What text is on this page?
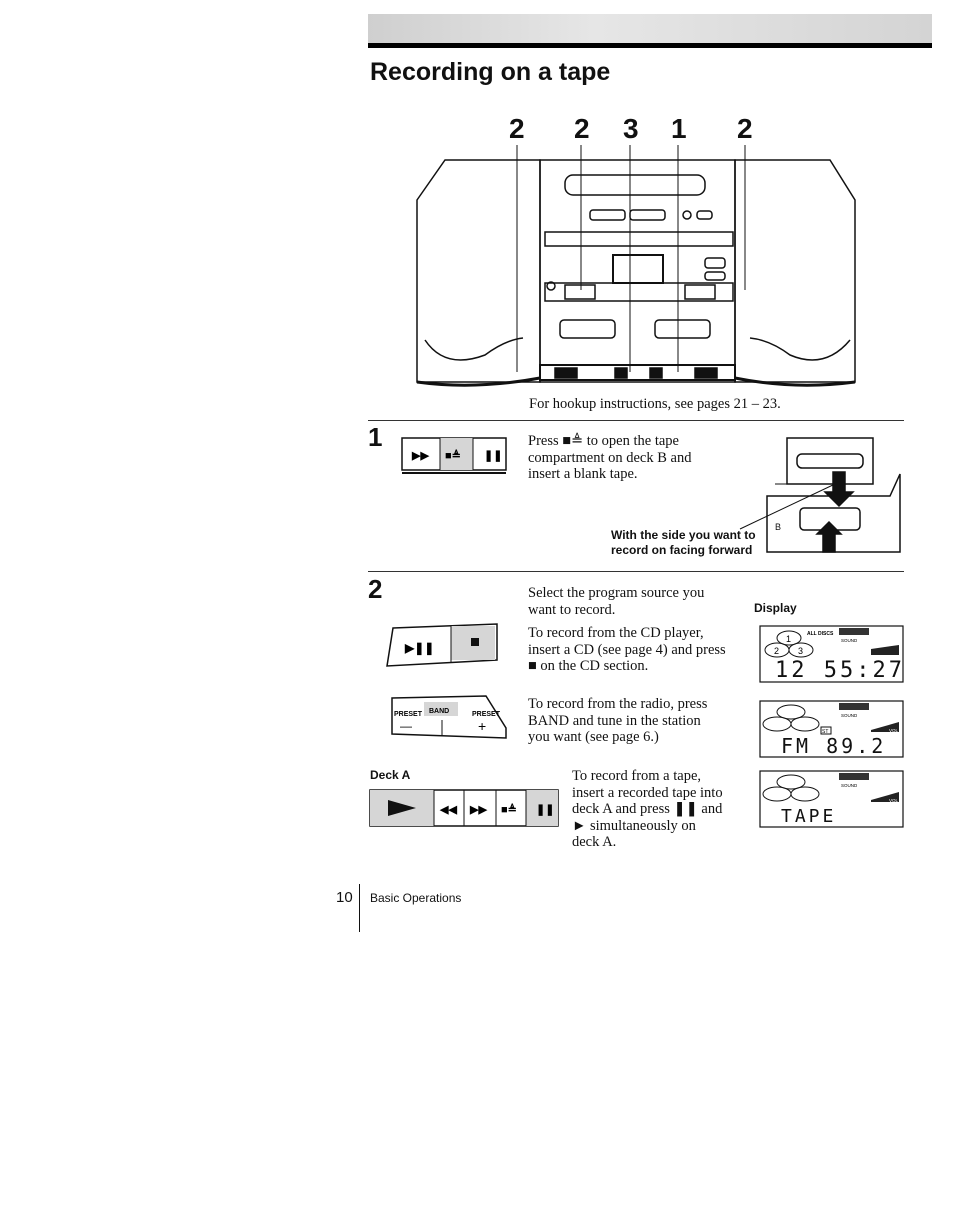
Recording on a tape
2 2 3 1 2
For hookup instructions, see pages 21 – 23.
1
▶▶ ■≜ ❚❚
Press ■≜ to open the tape
compartment on deck B and
insert a blank tape.
With the side you want to
record on facing forward
B
2	Select the program source you
want to record.	Display
▶❚❚
To record from the CD player,
insert a CD (see page 4) and press
■ on the CD section.
PRESET BAND	PRESET
—	+
To record from the radio, press
BAND and tune in the station
you want (see page 6.)
Deck A
◀◀ ▶▶ ■≜ ❚❚
To record from a tape,
insert a recorded tape into
deck A and press ❚❚ and
► simultaneously on
deck A.
1
2 3
ALL DISCS
SOUND
12 55:27
ST
SOUND
VOL
FM 89.2
SOUND
VOL
TAPE
10 Basic Operations
